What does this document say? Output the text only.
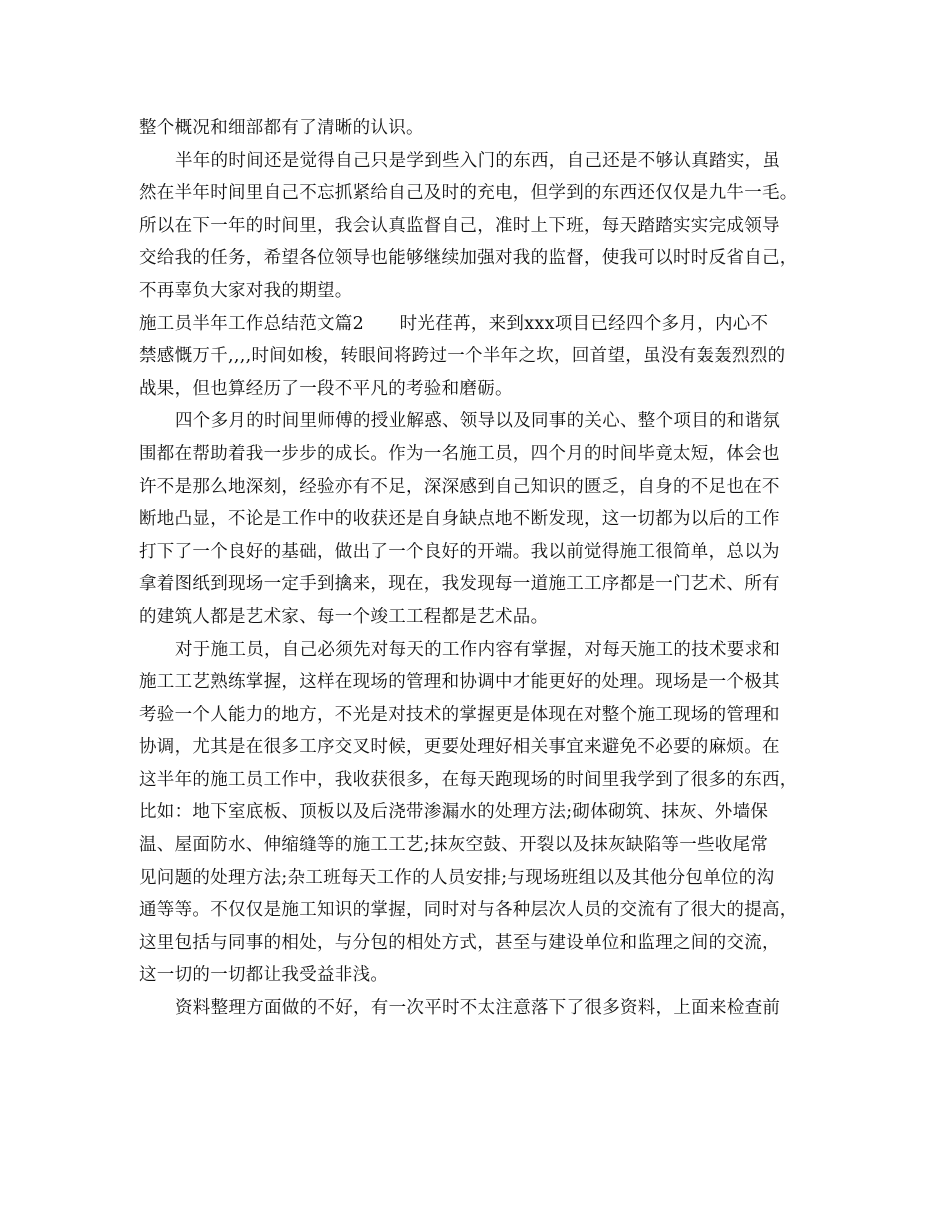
整个概况和细部都有了清晰的认识。
半年的时间还是觉得自己只是学到些入门的东西，自己还是不够认真踏实，虽
然在半年时间里自己不忘抓紧给自己及时的充电，但学到的东西还仅仅是九牛一毛。
所以在下一年的时间里，我会认真监督自己，准时上下班，每天踏踏实实完成领导
交给我的任务，希望各位领导也能够继续加强对我的监督，使我可以时时反省自己，
不再辜负大家对我的期望。
施工员半年工作总结范文篇2　　时光荏苒，来到xxx项目已经四个多月，内心不
禁感慨万千,,,,时间如梭，转眼间将跨过一个半年之坎，回首望，虽没有轰轰烈烈的
战果，但也算经历了一段不平凡的考验和磨砺。
四个多月的时间里师傅的授业解惑、领导以及同事的关心、整个项目的和谐氛
围都在帮助着我一步步的成长。作为一名施工员，四个月的时间毕竟太短，体会也
许不是那么地深刻，经验亦有不足，深深感到自己知识的匮乏，自身的不足也在不
断地凸显，不论是工作中的收获还是自身缺点地不断发现，这一切都为以后的工作
打下了一个良好的基础，做出了一个良好的开端。我以前觉得施工很简单，总以为
拿着图纸到现场一定手到擒来，现在，我发现每一道施工工序都是一门艺术、所有
的建筑人都是艺术家、每一个竣工工程都是艺术品。
对于施工员，自己必须先对每天的工作内容有掌握，对每天施工的技术要求和
施工工艺熟练掌握，这样在现场的管理和协调中才能更好的处理。现场是一个极其
考验一个人能力的地方，不光是对技术的掌握更是体现在对整个施工现场的管理和
协调，尤其是在很多工序交叉时候，更要处理好相关事宜来避免不必要的麻烦。在
这半年的施工员工作中，我收获很多，在每天跑现场的时间里我学到了很多的东西，
比如：地下室底板、顶板以及后浇带渗漏水的处理方法;砌体砌筑、抹灰、外墙保
温、屋面防水、伸缩缝等的施工工艺;抹灰空鼓、开裂以及抹灰缺陷等一些收尾常
见问题的处理方法;杂工班每天工作的人员安排;与现场班组以及其他分包单位的沟
通等等。不仅仅是施工知识的掌握，同时对与各种层次人员的交流有了很大的提高，
这里包括与同事的相处，与分包的相处方式，甚至与建设单位和监理之间的交流，
这一切的一切都让我受益非浅。
资料整理方面做的不好，有一次平时不太注意落下了很多资料，上面来检查前
